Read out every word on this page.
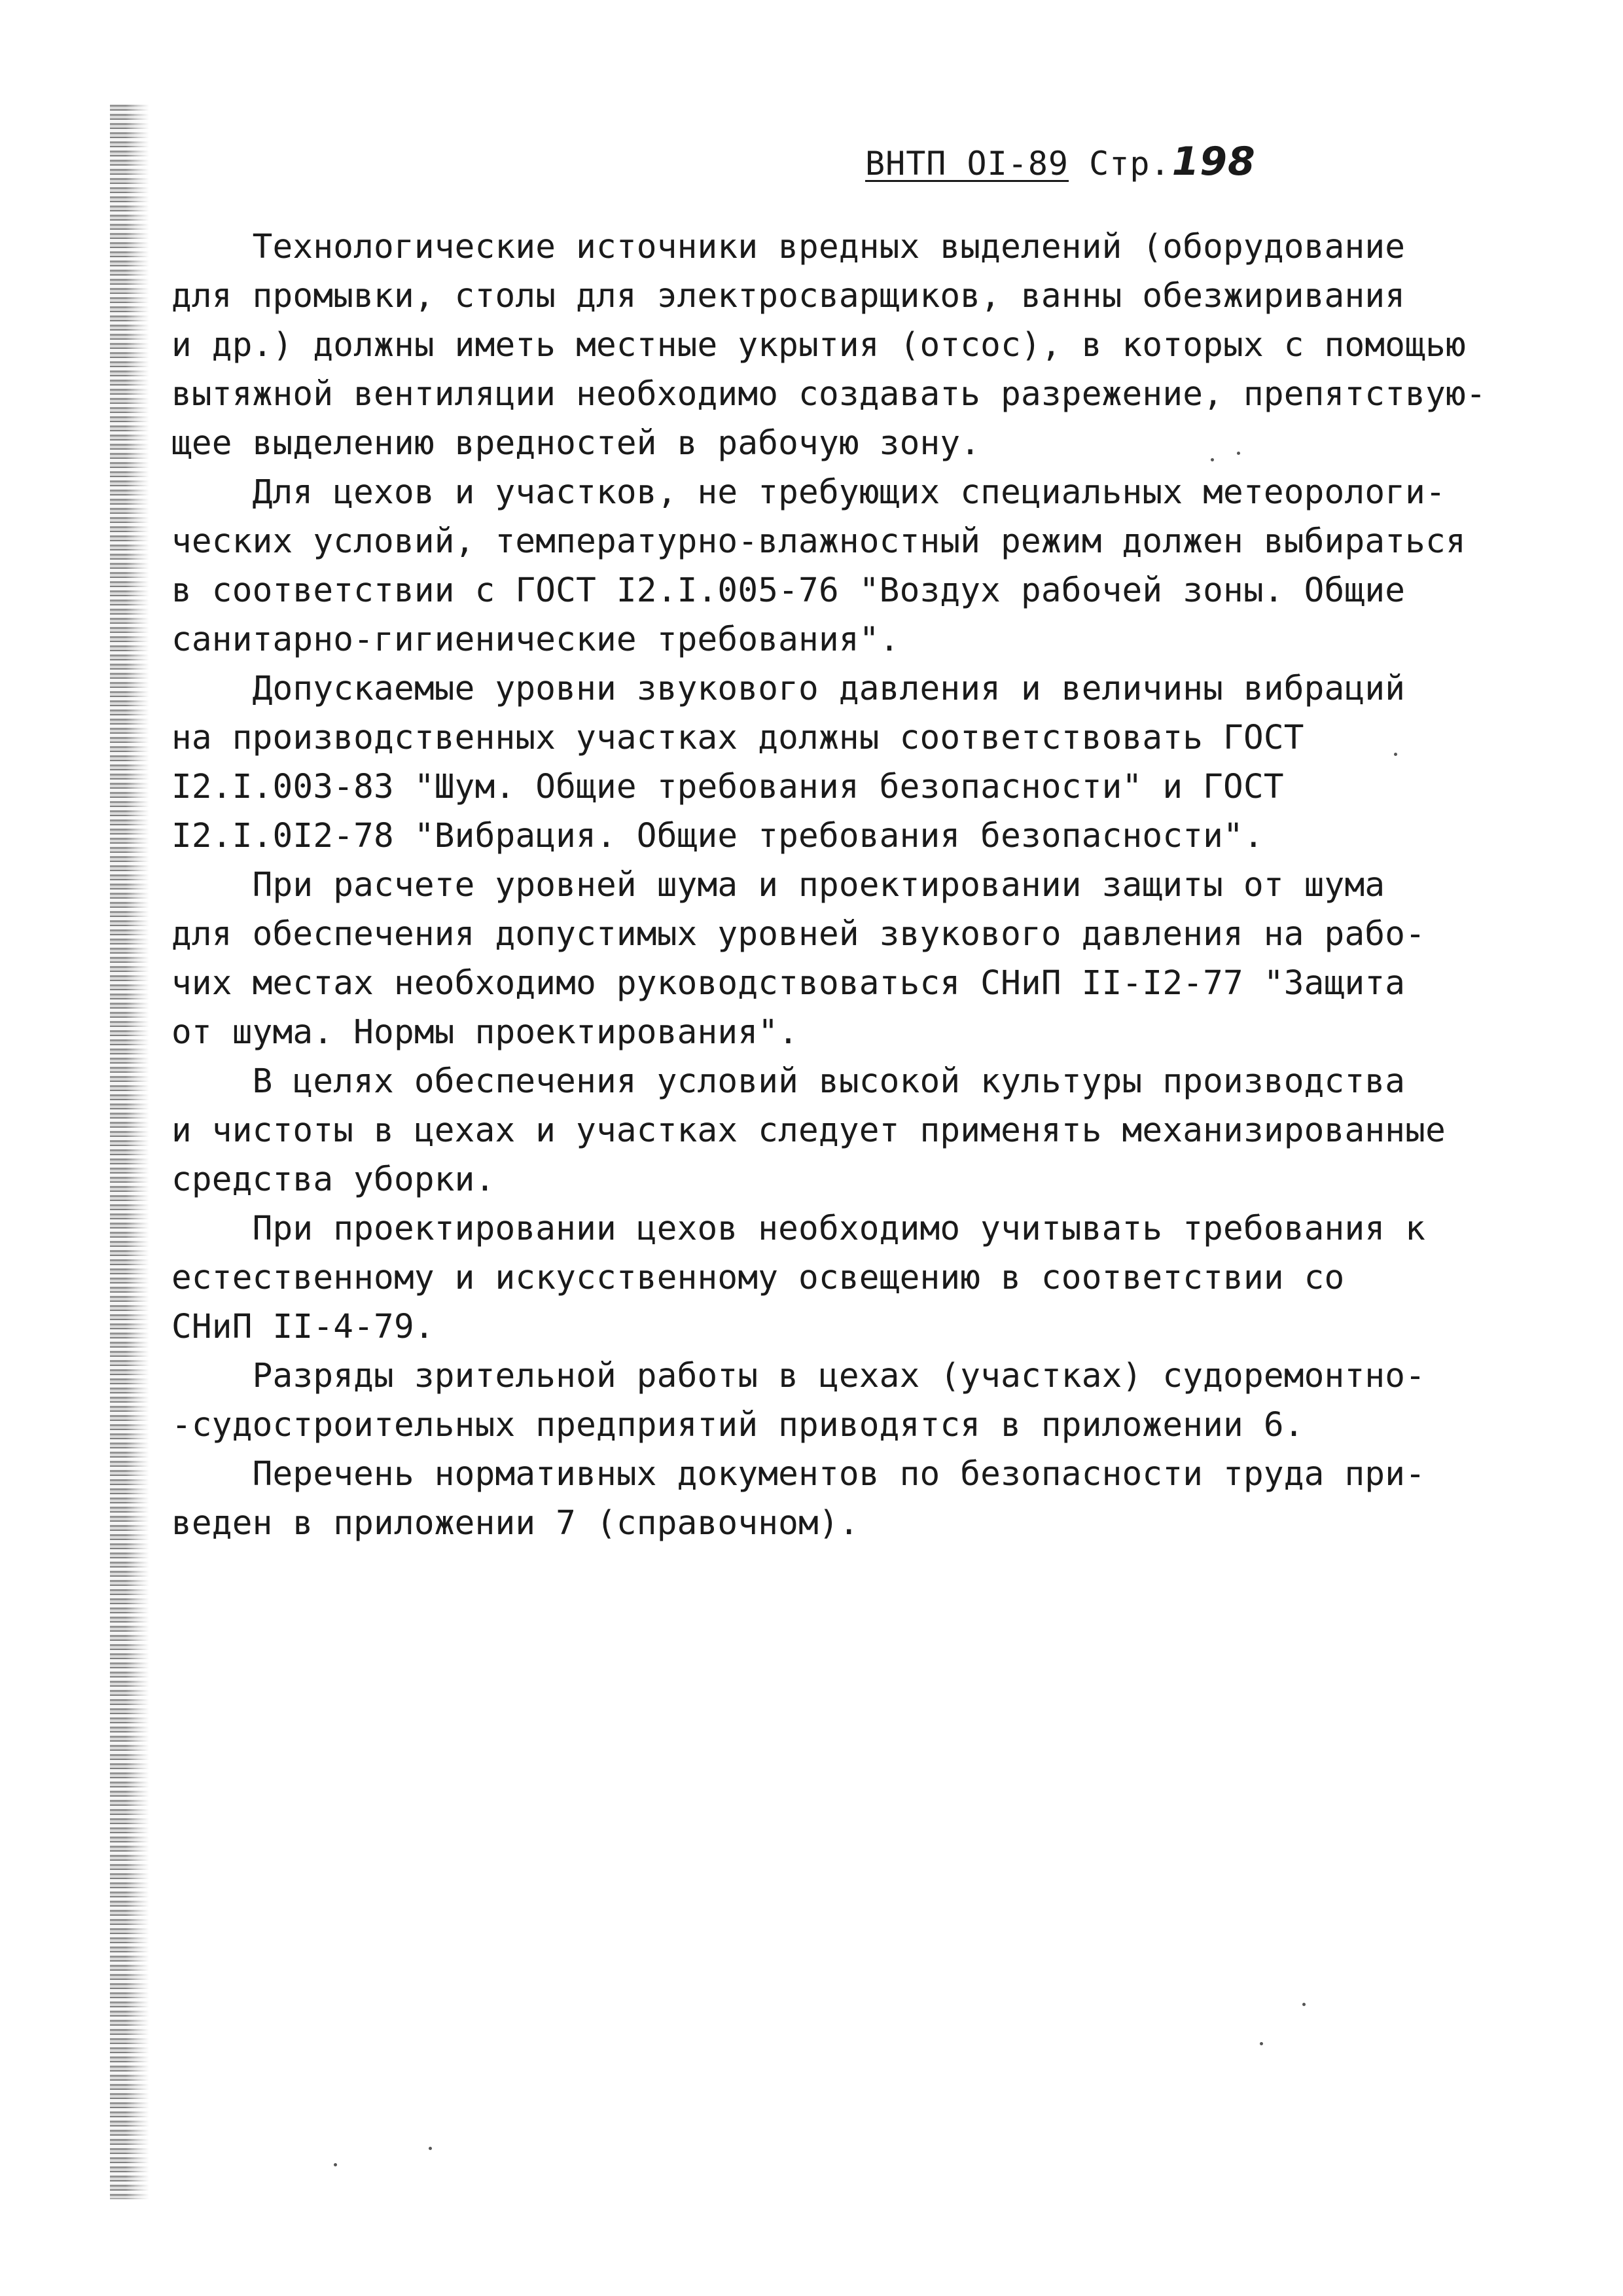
ВНТП ОI-89 Стр.198
Технологические источники вредных выделений (оборудование
для промывки, столы для электросварщиков, ванны обезжиривания
и др.) должны иметь местные укрытия (отсос), в которых с помощью
вытяжной вентиляции необходимо создавать разрежение, препятствую-
щее выделению вредностей в рабочую зону.
Для цехов и участков, не требующих специальных метеорологи-
ческих условий, температурно-влажностный режим должен выбираться
в соответствии с ГОСТ I2.I.005-76 "Воздух рабочей зоны. Общие
санитарно-гигиенические требования".
Допускаемые уровни звукового давления и величины вибраций
на производственных участках должны соответствовать ГОСТ
I2.I.003-83 "Шум. Общие требования безопасности" и ГОСТ
I2.I.0I2-78 "Вибрация. Общие требования безопасности".
При расчете уровней шума и проектировании защиты от шума
для обеспечения допустимых уровней звукового давления на рабо-
чих местах необходимо руководствоваться СНиП II-I2-77 "Защита
от шума. Нормы проектирования".
В целях обеспечения условий высокой культуры производства
и чистоты в цехах и участках следует применять механизированные
средства уборки.
При проектировании цехов необходимо учитывать требования к
естественному и искусственному освещению в соответствии со
СНиП II-4-79.
Разряды зрительной работы в цехах (участках) судоремонтно-
-судостроительных предприятий приводятся в приложении 6.
Перечень нормативных документов по безопасности труда при-
веден в приложении 7 (справочном).
